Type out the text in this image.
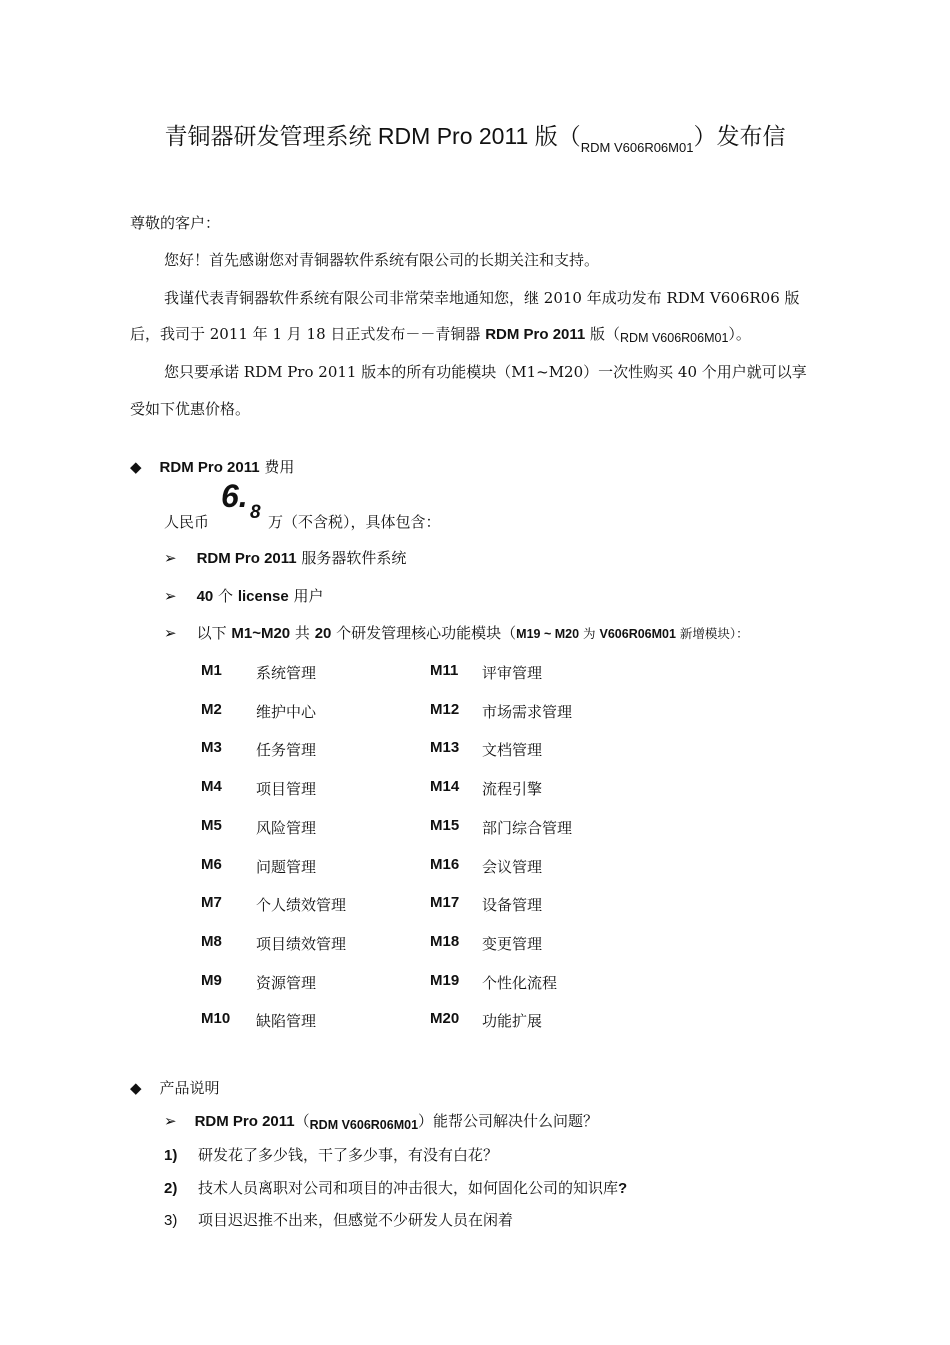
青铜器研发管理系统 RDM Pro 2011 版$(_{RDM V606R06M01})$发布信
尊敬的客户：
您好！首先感谢您对青铜器软件系统有限公司的长期关注和支持。
我谨代表青铜器软件系统有限公司非常荣幸地通知您，继 2010 年成功发布 RDM V606R06 版
后，我司于 2011 年 1 月 18 日正式发布－－青铜器 RDM Pro 2011 版$(_{RDM V606R06M01})$。
您只要承诺 RDM Pro 2011 版本的所有功能模块（M1~M20）一次性购买 40 个用户就可以享
受如下优惠价格。
◆ RDM Pro 2011 费用
人民币
6. 8 万（不含税），具体包含：
➢ RDM Pro 2011 服务器软件系统
➢ 40 个 license 用户
➢ 以下 M1~M20 共 20 个研发管理核心功能模块（M19 ~ M20 为 V606R06M01 新增模块）：
◆ 产品说明
➢ RDM Pro $2011(_{RDM V606R06M01})$能帮公司解决什么问题？
1) 研发花了多少钱，干了多少事，有没有白花？
2) 技术人员离职对公司和项目的冲击很大，如何固化公司的知识库?
3) 项目迟迟推不出来，但感觉不少研发人员在闲着
M1 系统管理
M2 维护中心
M3 任务管理
M4 项目管理
M5 风险管理
M6 问题管理
M7 个人绩效管理
M8 项目绩效管理
M9 资源管理
M10 缺陷管理
M11 评审管理
M12 市场需求管理
M13 文档管理
M14 流程引擎
M15 部门综合管理
M16 会议管理
M17 设备管理
M18 变更管理
M19 个性化流程
M20 功能扩展
